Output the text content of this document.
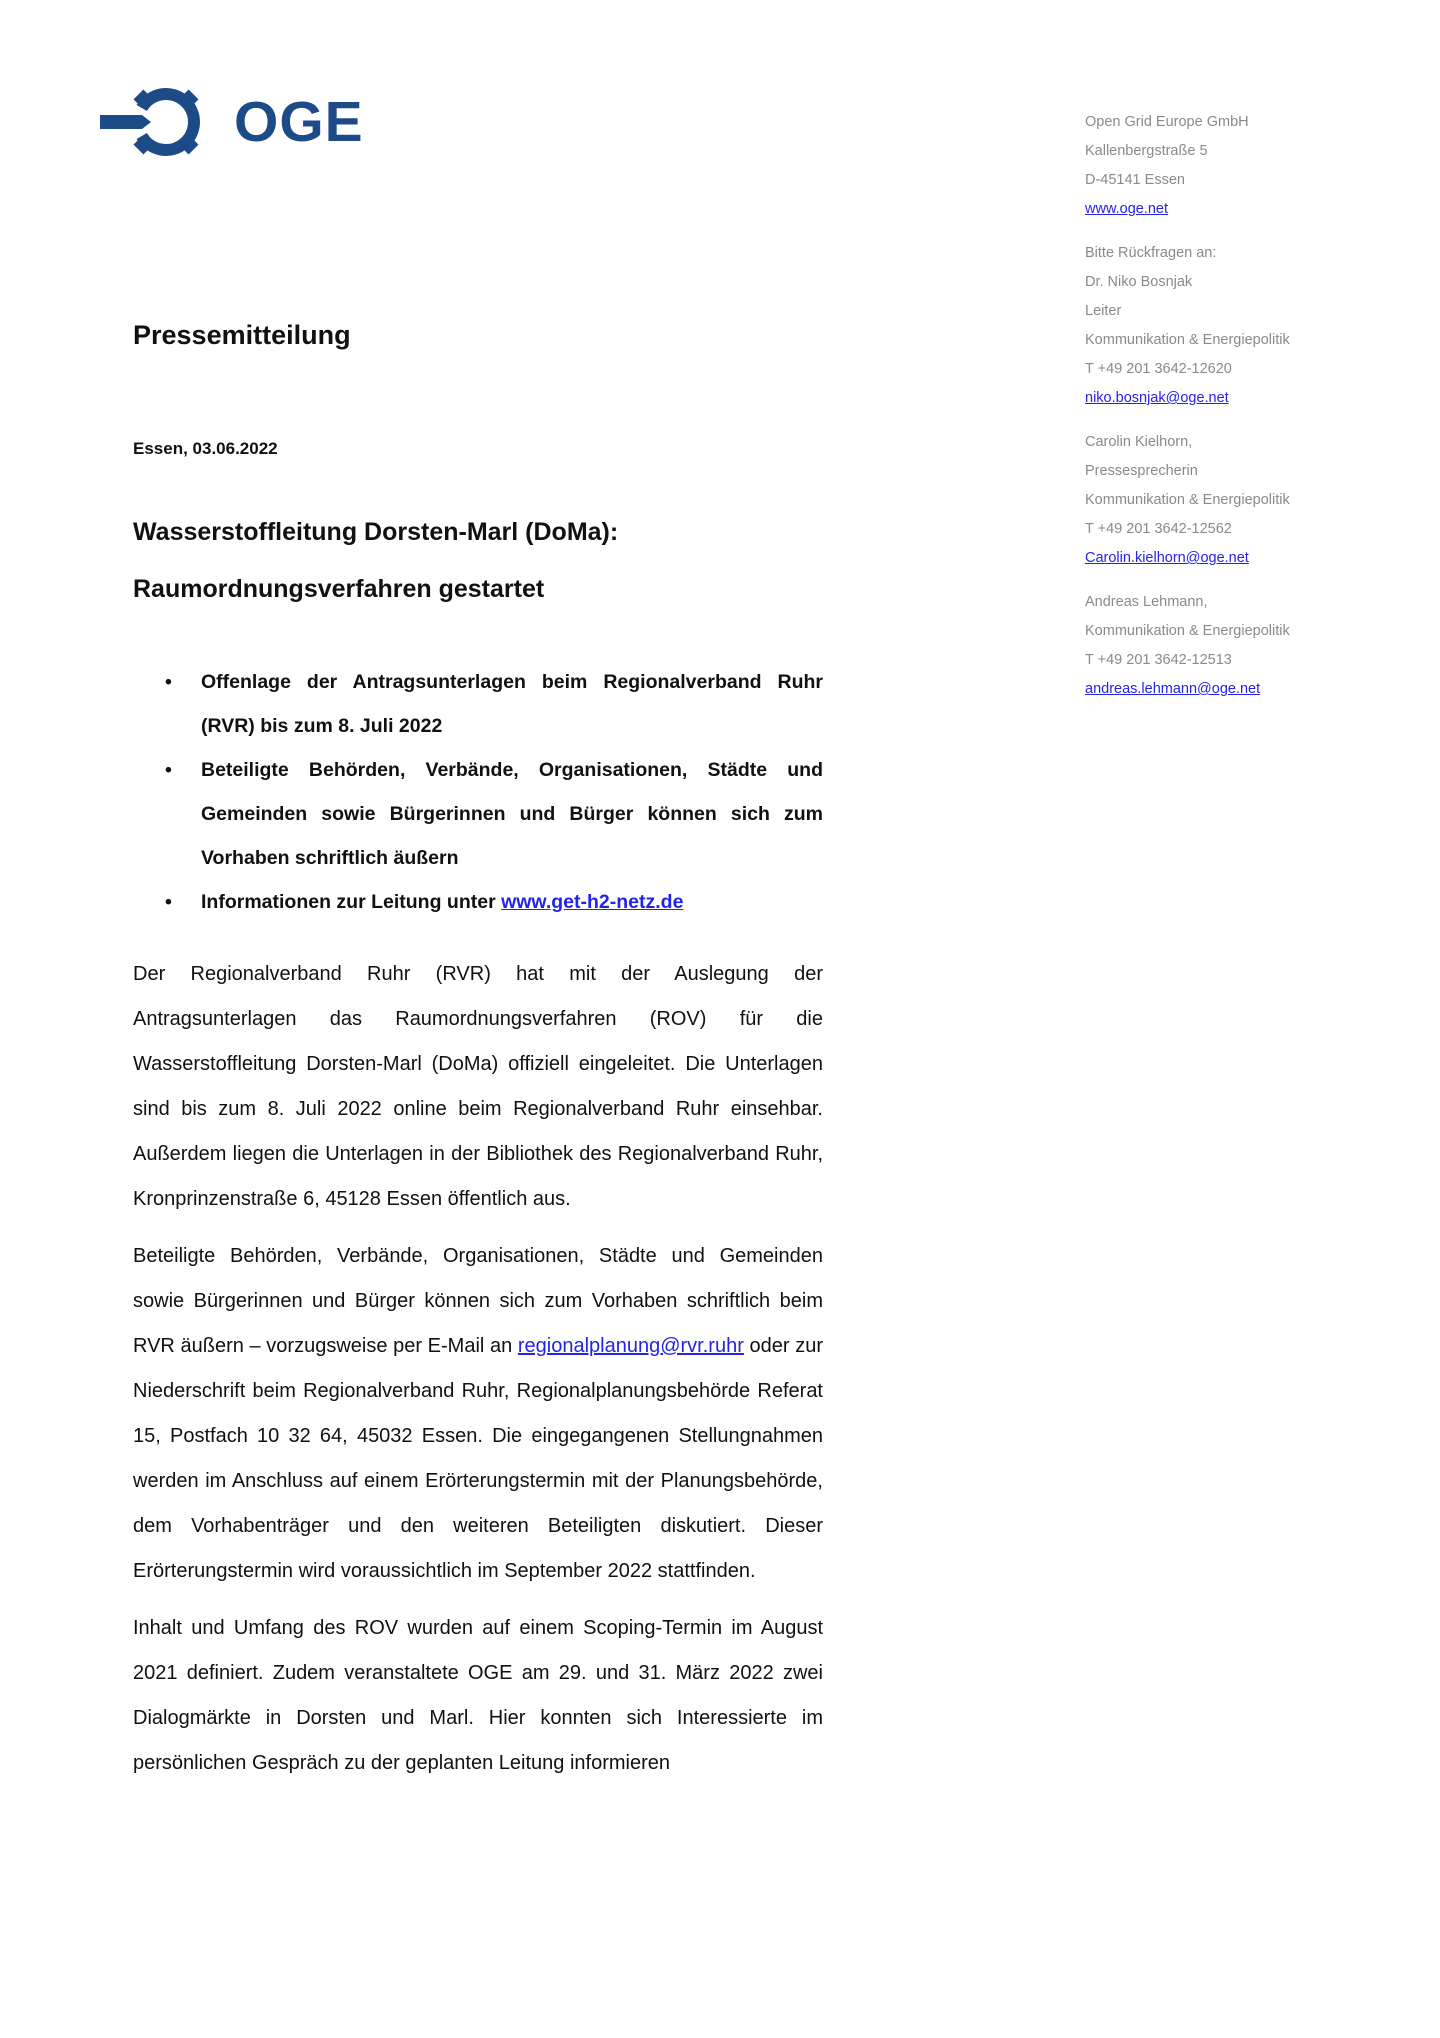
OGE	Open Grid Europe GmbH
Kallenbergstraße 5
D-45141 Essen
www.oge.net
Bitte Rückfragen an:
Dr. Niko Bosnjak
Leiter
Kommunikation & Energiepolitik
T +49 201 3642-12620
niko.bosnjak@oge.net
Carolin Kielhorn,
Pressesprecherin
Kommunikation & Energiepolitik
T +49 201 3642-12562
Carolin.kielhorn@oge.net
Andreas Lehmann,
Kommunikation & Energiepolitik
T +49 201 3642-12513
andreas.lehmann@oge.net
Pressemitteilung

Essen, 03.06.2022

Wasserstoffleitung Dorsten-Marl (DoMa):
Raumordnungsverfahren gestartet
• Offenlage der Antragsunterlagen beim Regionalverband Ruhr (RVR) bis zum 8. Juli 2022
• Beteiligte Behörden, Verbände, Organisationen, Städte und Gemeinden sowie Bürgerinnen und Bürger können sich zum Vorhaben schriftlich äußern
• Informationen zur Leitung unter www.get-h2-netz.de

Der Regionalverband Ruhr (RVR) hat mit der Auslegung der Antragsunterlagen das Raumordnungsverfahren (ROV) für die Wasserstoffleitung Dorsten-Marl (DoMa) offiziell eingeleitet. Die Unterlagen sind bis zum 8. Juli 2022 online beim Regionalverband Ruhr einsehbar. Außerdem liegen die Unterlagen in der Bibliothek des Regionalverband Ruhr, Kronprinzenstraße 6, 45128 Essen öffentlich aus.

Beteiligte Behörden, Verbände, Organisationen, Städte und Gemeinden sowie Bürgerinnen und Bürger können sich zum Vorhaben schriftlich beim RVR äußern – vorzugsweise per E-Mail an regionalplanung@rvr.ruhr oder zur Niederschrift beim Regionalverband Ruhr, Regionalplanungsbehörde Referat 15, Postfach 10 32 64, 45032 Essen. Die eingegangenen Stellungnahmen werden im Anschluss auf einem Erörterungstermin mit der Planungsbehörde, dem Vorhabenträger und den weiteren Beteiligten diskutiert. Dieser Erörterungstermin wird voraussichtlich im September 2022 stattfinden.

Inhalt und Umfang des ROV wurden auf einem Scoping-Termin im August 2021 definiert. Zudem veranstaltete OGE am 29. und 31. März 2022 zwei Dialogmärkte in Dorsten und Marl. Hier konnten sich Interessierte im persönlichen Gespräch zu der geplanten Leitung informieren
